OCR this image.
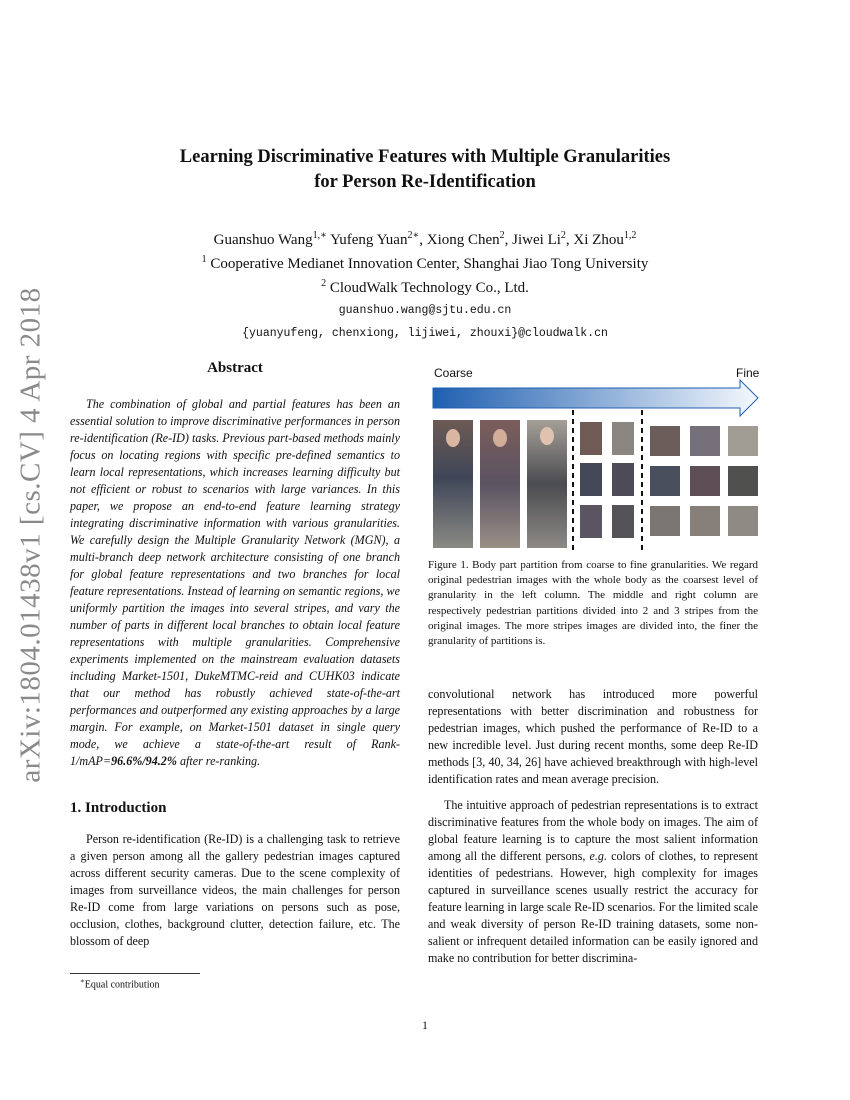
arXiv:1804.01438v1 [cs.CV] 4 Apr 2018
Learning Discriminative Features with Multiple Granularities
for Person Re-Identification
Guanshuo Wang$^{1,∗}$ Yufeng Yuan$^{2∗}$, Xiong Chen$^2$, Jiwei Li$^2$, Xi Zhou$^{1,2}$
$^1$ Cooperative Medianet Innovation Center, Shanghai Jiao Tong University
$^2$ CloudWalk Technology Co., Ltd.
guanshuo.wang@sjtu.edu.cn
{yuanyufeng, chenxiong, lijiwei, zhouxi}@cloudwalk.cn
Abstract

The combination of global and partial features has been an essential solution to improve discriminative performances in person re-identification (Re-ID) tasks. Previous part-based methods mainly focus on locating regions with specific pre-defined semantics to learn local representations, which increases learning difficulty but not efficient or robust to scenarios with large variances. In this paper, we propose an end-to-end feature learning strategy integrating discriminative information with various granularities. We carefully design the Multiple Granularity Network (MGN), a multi-branch deep network architecture consisting of one branch for global feature representations and two branches for local feature representations. Instead of learning on semantic regions, we uniformly partition the images into several stripes, and vary the number of parts in different local branches to obtain local feature representations with multiple granularities. Comprehensive experiments implemented on the mainstream evaluation datasets including Market-1501, DukeMTMC-reid and CUHK03 indicate that our method has robustly achieved state-of-the-art performances and outperformed any existing approaches by a large margin. For example, on Market-1501 dataset in single query mode, we achieve a state-of-the-art result of Rank-1/mAP=96.6%/94.2% after re-ranking.

1. Introduction

Person re-identification (Re-ID) is a challenging task to retrieve a given person among all the gallery pedestrian images captured across different security cameras. Due to the scene complexity of images from surveillance videos, the main challenges for person Re-ID come from large variations on persons such as pose, occlusion, clothes, background clutter, detection failure, etc. The blossom of deep

∗Equal contribution
Coarse	Fine

Figure 1. Body part partition from coarse to fine granularities. We regard original pedestrian images with the whole body as the coarsest level of granularity in the left column. The middle and right column are respectively pedestrian partitions divided into 2 and 3 stripes from the original images. The more stripes images are divided into, the finer the granularity of partitions is.

convolutional network has introduced more powerful representations with better discrimination and robustness for pedestrian images, which pushed the performance of Re-ID to a new incredible level. Just during recent months, some deep Re-ID methods [3, 40, 34, 26] have achieved breakthrough with high-level identification rates and mean average precision.

The intuitive approach of pedestrian representations is to extract discriminative features from the whole body on images. The aim of global feature learning is to capture the most salient information among all the different persons, e.g. colors of clothes, to represent identities of pedestrians. However, high complexity for images captured in surveillance scenes usually restrict the accuracy for feature learning in large scale Re-ID scenarios. For the limited scale and weak diversity of person Re-ID training datasets, some non-salient or infrequent detailed information can be easily ignored and make no contribution for better discrimina-

1
